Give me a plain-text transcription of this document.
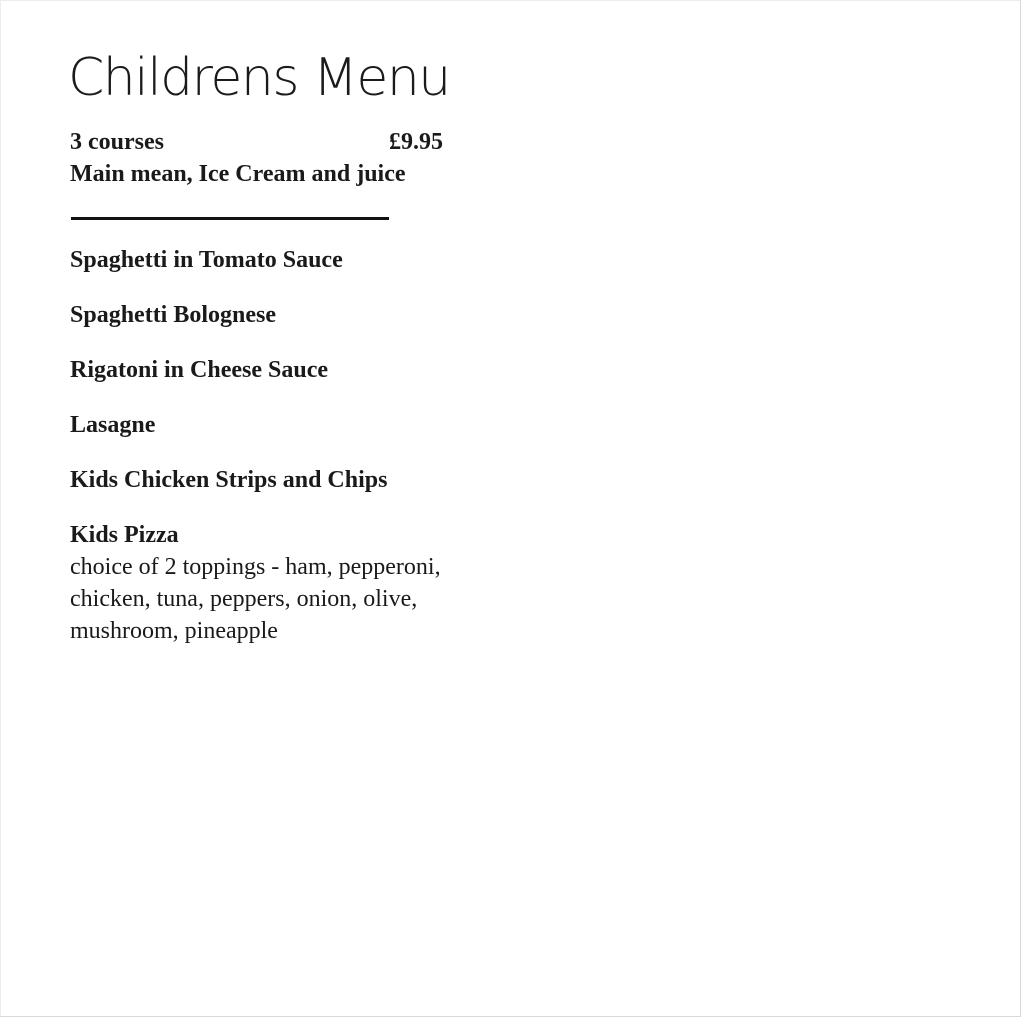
Childrens Menu
3 courses	£9.95
Main mean, Ice Cream and juice
Spaghetti in Tomato Sauce
Spaghetti Bolognese
Rigatoni in Cheese Sauce
Lasagne
Kids Chicken Strips and Chips
Kids Pizza
choice of 2 toppings - ham, pepperoni, chicken, tuna, peppers, onion, olive, mushroom, pineapple
